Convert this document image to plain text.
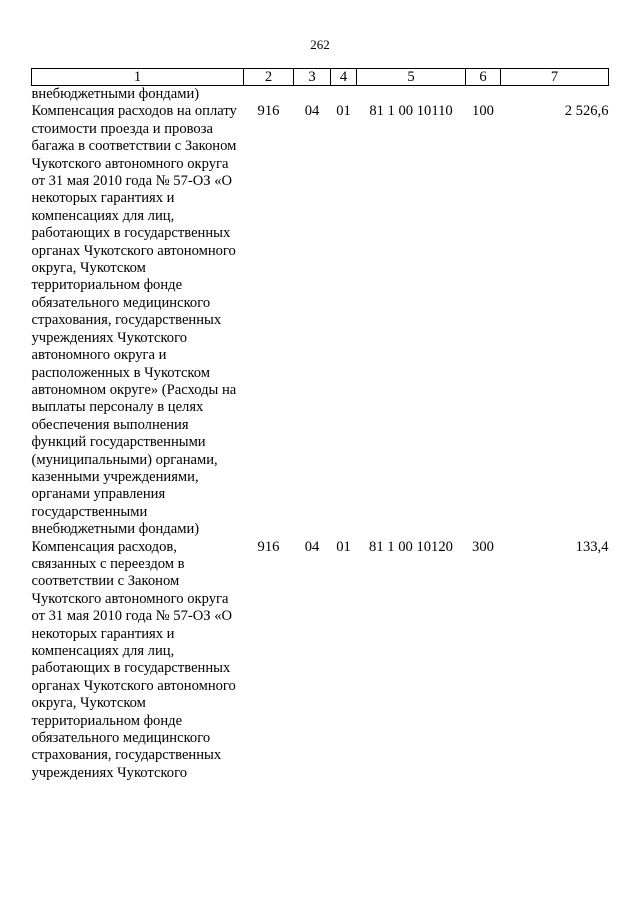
262
1	2	3	4	5	6	7
внебюджетными фондами)						
Компенсация расходов на оплату стоимости проезда и провоза багажа в соответствии с Законом Чукотского автономного округа от 31 мая 2010 года № 57-ОЗ «О некоторых гарантиях и компенсациях для лиц, работающих в государственных органах Чукотского автономного округа, Чукотском территориальном фонде обязательного медицинского страхования, государственных учреждениях Чукотского автономного округа и расположенных в Чукотском автономном округе» (Расходы на выплаты персоналу в целях обеспечения выполнения функций государственными (муниципальными) органами, казенными учреждениями, органами управления государственными внебюджетными фондами)	916	04	01	81 1 00 10110	100	2 526,6
Компенсация расходов, связанных с переездом в соответствии с Законом Чукотского автономного округа от 31 мая 2010 года № 57-ОЗ «О некоторых гарантиях и компенсациях для лиц, работающих в государственных органах Чукотского автономного округа, Чукотском территориальном фонде обязательного медицинского страхования, государственных учреждениях Чукотского	916	04	01	81 1 00 10120	300	133,4
